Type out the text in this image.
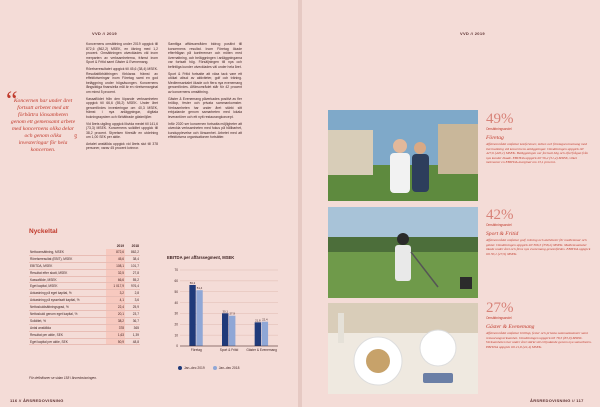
VVD // 2019
“
Koncernen har under året fortsatt arbetet med att förbättra lönsamheten genom ett gemensamt arbete med koncernens olika delar och genom olika investeringar för hela koncernen.
VD

Koncernens omsättning under 2019 uppgick till 872,6 (862,2) MSEK, en ökning med 1,2 procent. Omsättningen utvecklades väl inom merparten av verksamheterna, främst inom Sport & Fritid samt Gäster & Evenemang.

Rörelseresultatet uppgick till 45,6 (38,4) MSEK. Resultatförbättringen förklaras främst av effektiviseringar inom Företag samt en god beläggning under högsäsongen. Koncernens långsiktiga finansiella mål är en rörelsemarginal om minst 5 procent.

Kassaflödet från den löpande verksamheten uppgick till 66,6 (55,2) MSEK. Under året genomfördes investeringar om 40,3 MSEK, främst i nya anläggningar, digitala bokningssystem och förbättrade gästmiljöer.

Vid årets utgång uppgick likvida medel till 141,6 (73,3) MSEK. Koncernens soliditet uppgick till 38,2 procent. Styrelsen föreslår en utdelning om 1,00 SEK per aktie.

Antalet anställda uppgick vid årets slut till 378 personer, varav 45 procent kvinnor.

Samtliga affärsområden bidrog positivt till koncernens resultat. Inom Företag ökade efterfrågan på konferenser och möten med övernattning, och beläggningen i anläggningarna var fortsatt hög. Försäljningen till nya och befintliga kunder utvecklades väl under hela året.

Sport & Fritid fortsatte att växa tack vare ett utökat utbud av aktiviteter, golf och träning. Medlemsantalet ökade och flera nya evenemang genomfördes. Affärsområdet står för 42 procent av koncernens omsättning.

Gäster & Evenemang påverkades positivt av fler bröllop, fester och privata sammankomster. Verksamheten har under året stärkt sitt erbjudande genom samarbeten med lokala leverantörer och ett nytt restaurangkoncept.

Inför 2020 ser koncernen fortsatta möjligheter att utveckla verksamheten med fokus på hållbarhet, kundupplevelse och lönsamhet. Arbetet med att effektivisera organisationen fortsätter.

Nyckeltal
	2019	2018
Nettoomsättning, MSEK	872,6	862,2
Rörelseresultat (EBIT), MSEK	45,6	38,4
EBITDA, MSEK	108,1	101,7
Resultat efter skatt, MSEK	32,5	27,8
Kassaflöde, MSEK	66,6	55,2
Eget kapital, MSEK	1 017,9	976,4
Avkastning på eget kapital, %	3,2	2,8
Avkastning på sysselsatt kapital, %	4,1	3,6
Nettoskuldsättningsgrad, %	22,4	25,9
Nettoskuld genom eget kapital, %	20,1	23,7
Soliditet, %	38,2	36,7
Antal anställda	378	365
Resultat per aktie, SEK	1,63	1,39
Eget kapital per aktie, SEK	50,9	48,8
För definitioner se sidan 158 i årsredovisningen.
EBITDA per affärssegment, MSEK
0
10
20
30
40
50
60
70
56,2
51,4
Företag
30,1
27,9
Sport & Fritid
21,8 22,4
Gäster & Evenemang
Jan–dec 2019	Jan–dec 2018
116 // ÅRSREDOVISNING
VVD // 2019
49%
Omsättningsandel
Företag
Affärsområdet omfattar konferenser, möten och företagsevenemang med övernattning vid koncernens anläggningar. Omsättningen uppgick till 427,6 (420,1) MSEK. Beläggningen var fortsatt hög och efterfrågan från nya kunder ökade. EBITDA uppgick till 56,2 (51,4) MSEK, vilket motsvarar en EBITDA-marginal om 13,1 procent.
42%
Omsättningsandel
Sport & Fritid
Affärsområdet omfattar golf, träning och aktiviteter för medlemmar och gäster. Omsättningen uppgick till 366,5 (358,2) MSEK. Medlemsantalet ökade under året och flera nya evenemang genomfördes. EBITDA uppgick till 30,1 (27,9) MSEK.
27%
Omsättningsandel
Gäster & Evenemang
Affärsområdet omfattar bröllop, fester och privata sammankomster samt restaurangverksamhet. Omsättningen uppgick till 78,5 (83,9) MSEK. Verksamheten har under året stärkt sitt erbjudande genom nya samarbeten. EBITDA uppgick till 21,8 (22,4) MSEK.
ÅRSREDOVISNING // 117
